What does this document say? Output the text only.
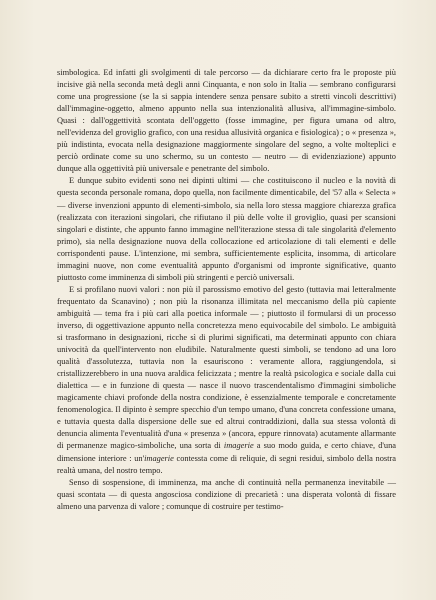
simbologica. Ed infatti gli svolgimenti di tale percorso — da dichiarare certo fra le proposte più incisive già nella seconda metà degli anni Cinquanta, e non solo in Italia — sembrano configurarsi come una progressione (se la si sappia intendere senza pensare subito a stretti vincoli descrittivi) dall'immagine-oggetto, almeno appunto nella sua intenzionalità allusiva, all'immagine-simbolo. Quasi : dall'oggettività scontata dell'oggetto (fosse immagine, per figura umana od altro, nell'evidenza del groviglio grafico, con una residua allusività organica e fisiologica) ; o « presenza », più indistinta, evocata nella designazione maggiormente singolare del segno, a volte molteplici e perciò ordinate come su uno schermo, su un contesto — neutro — di evidenziazione) appunto dunque alla oggettività più universale e penetrante del simbolo.

E dunque subito evidenti sono nei dipinti ultimi — che costituiscono il nucleo e la novità di questa seconda personale romana, dopo quella, non facilmente dimenticabile, del '57 alla « Selecta » — diverse invenzioni appunto di elementi-simbolo, sia nella loro stessa maggiore chiarezza grafica (realizzata con iterazioni singolari, che rifiutano il più delle volte il groviglio, quasi per scansioni singolari e distinte, che appunto fanno immagine nell'iterazione stessa di tale singolarità d'elemento primo), sia nella designazione nuova della collocazione ed articolazione di tali elementi e delle corrispondenti pause. L'intenzione, mi sembra, sufficientemente esplicita, insomma, di articolare immagini nuove, non come eventualità appunto d'organismi od impronte significative, quanto piuttosto come imminenza di simboli più stringenti e perciò universali.

E si profilano nuovi valori : non più il parossismo emotivo del gesto (tuttavia mai letteralmente frequentato da Scanavino) ; non più la risonanza illimitata nel meccanismo della più capiente ambiguità — tema fra i più cari alla poetica informale — ; piuttosto il formularsi di un processo inverso, di oggettivazione appunto nella concretezza meno equivocabile del simbolo. Le ambiguità si trasformano in designazioni, ricche sì di plurimi significati, ma determinati appunto con chiara univocità da quell'intervento non eludibile. Naturalmente questi simboli, se tendono ad una loro qualità d'assolutezza, tuttavia non la esauriscono : veramente allora, raggiungendola, si cristallizzerebbero in una nuova araldica felicizzata ; mentre la realtà psicologica e sociale dalla cui dialettica — e in funzione di questa — nasce il nuovo trascendentalismo d'immagini simboliche magicamente chiavi profonde della nostra condizione, è essenzialmente temporale e concretamente fenomenologica. Il dipinto è sempre specchio d'un tempo umano, d'una concreta confessione umana, e tuttavia questa dalla dispersione delle sue ed altrui contraddizioni, dalla sua stessa volontà di denuncia alimenta l'eventualità d'una « presenza » (ancora, eppure rinnovata) acutamente allarmante di permanenze magico-simboliche, una sorta di imagerie a suo modo guida, e certo chiave, d'una dimensione interiore : un'imagerie contessta come di reliquie, di segni residui, simbolo della nostra realtà umana, del nostro tempo.

Senso di sospensione, di imminenza, ma anche di continuità nella permanenza inevitabile — quasi scontata — di questa angosciosa condizione di precarietà : una disperata volontà di fissare almeno una parvenza di valore ; comunque di costruire per testimo-
